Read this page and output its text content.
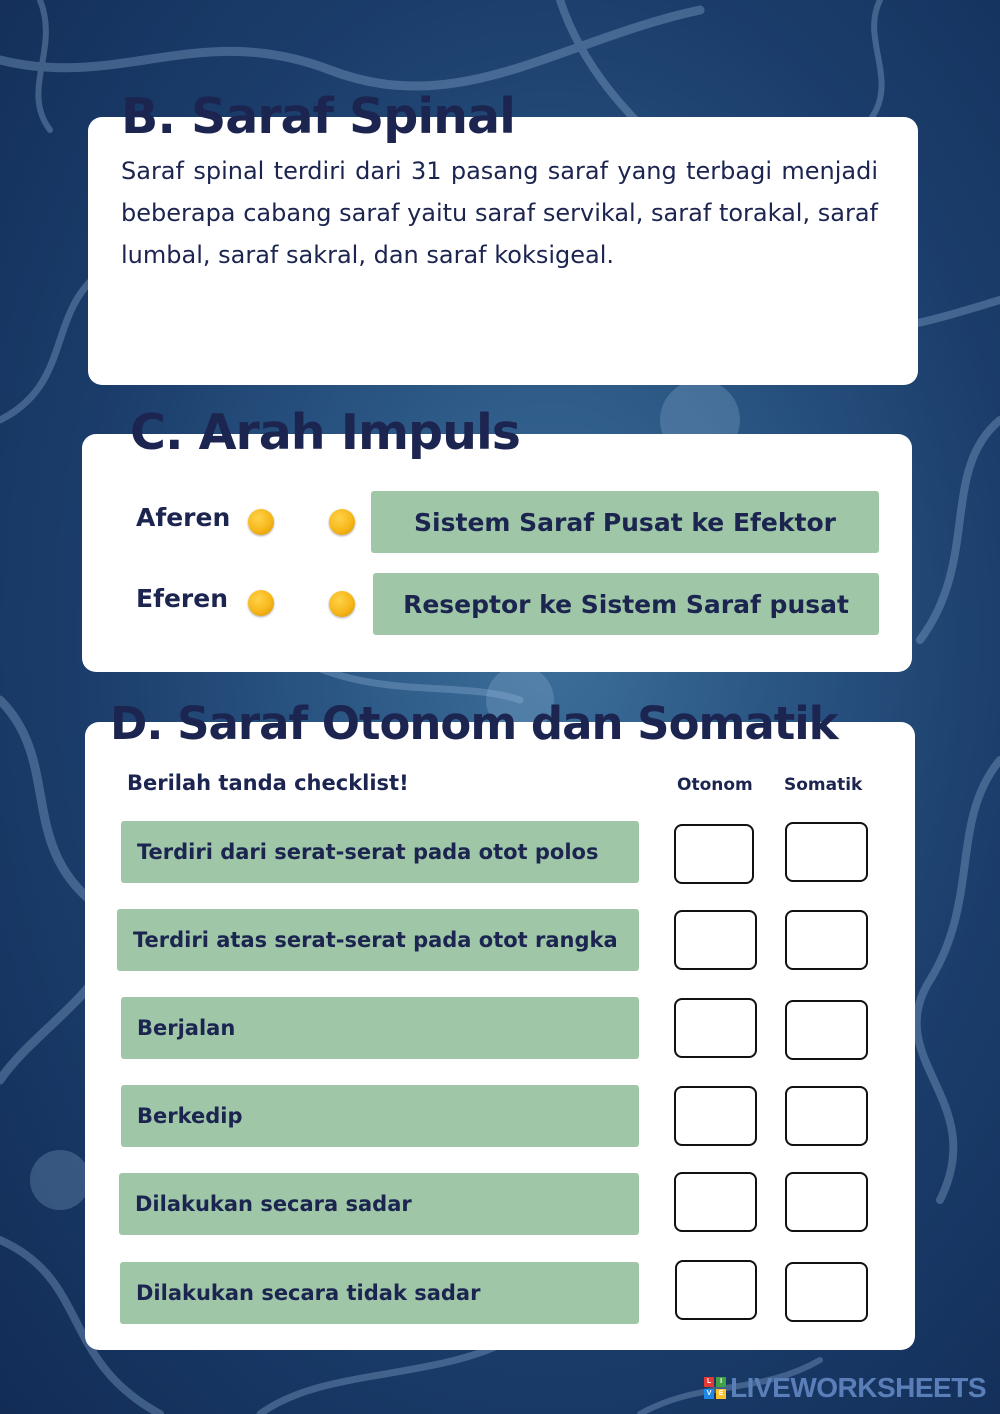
B. Saraf Spinal

Saraf spinal terdiri dari 31 pasang saraf yang terbagi menjadi beberapa cabang saraf yaitu saraf servikal, saraf torakal, saraf lumbal, saraf sakral, dan saraf koksigeal.

C. Arah Impuls
Aferen	Sistem Saraf Pusat ke Efektor
Eferen	Reseptor ke Sistem Saraf pusat
D. Saraf Otonom dan Somatik
Berilah tanda checklist!	Otonom Somatik
Terdiri dari serat-serat pada otot polos
Terdiri atas serat-serat pada otot rangka
Berjalan
Berkedip
Dilakukan secara sadar
Dilakukan secara tidak sadar
L	I
V	E LIVEWORKSHEETS
